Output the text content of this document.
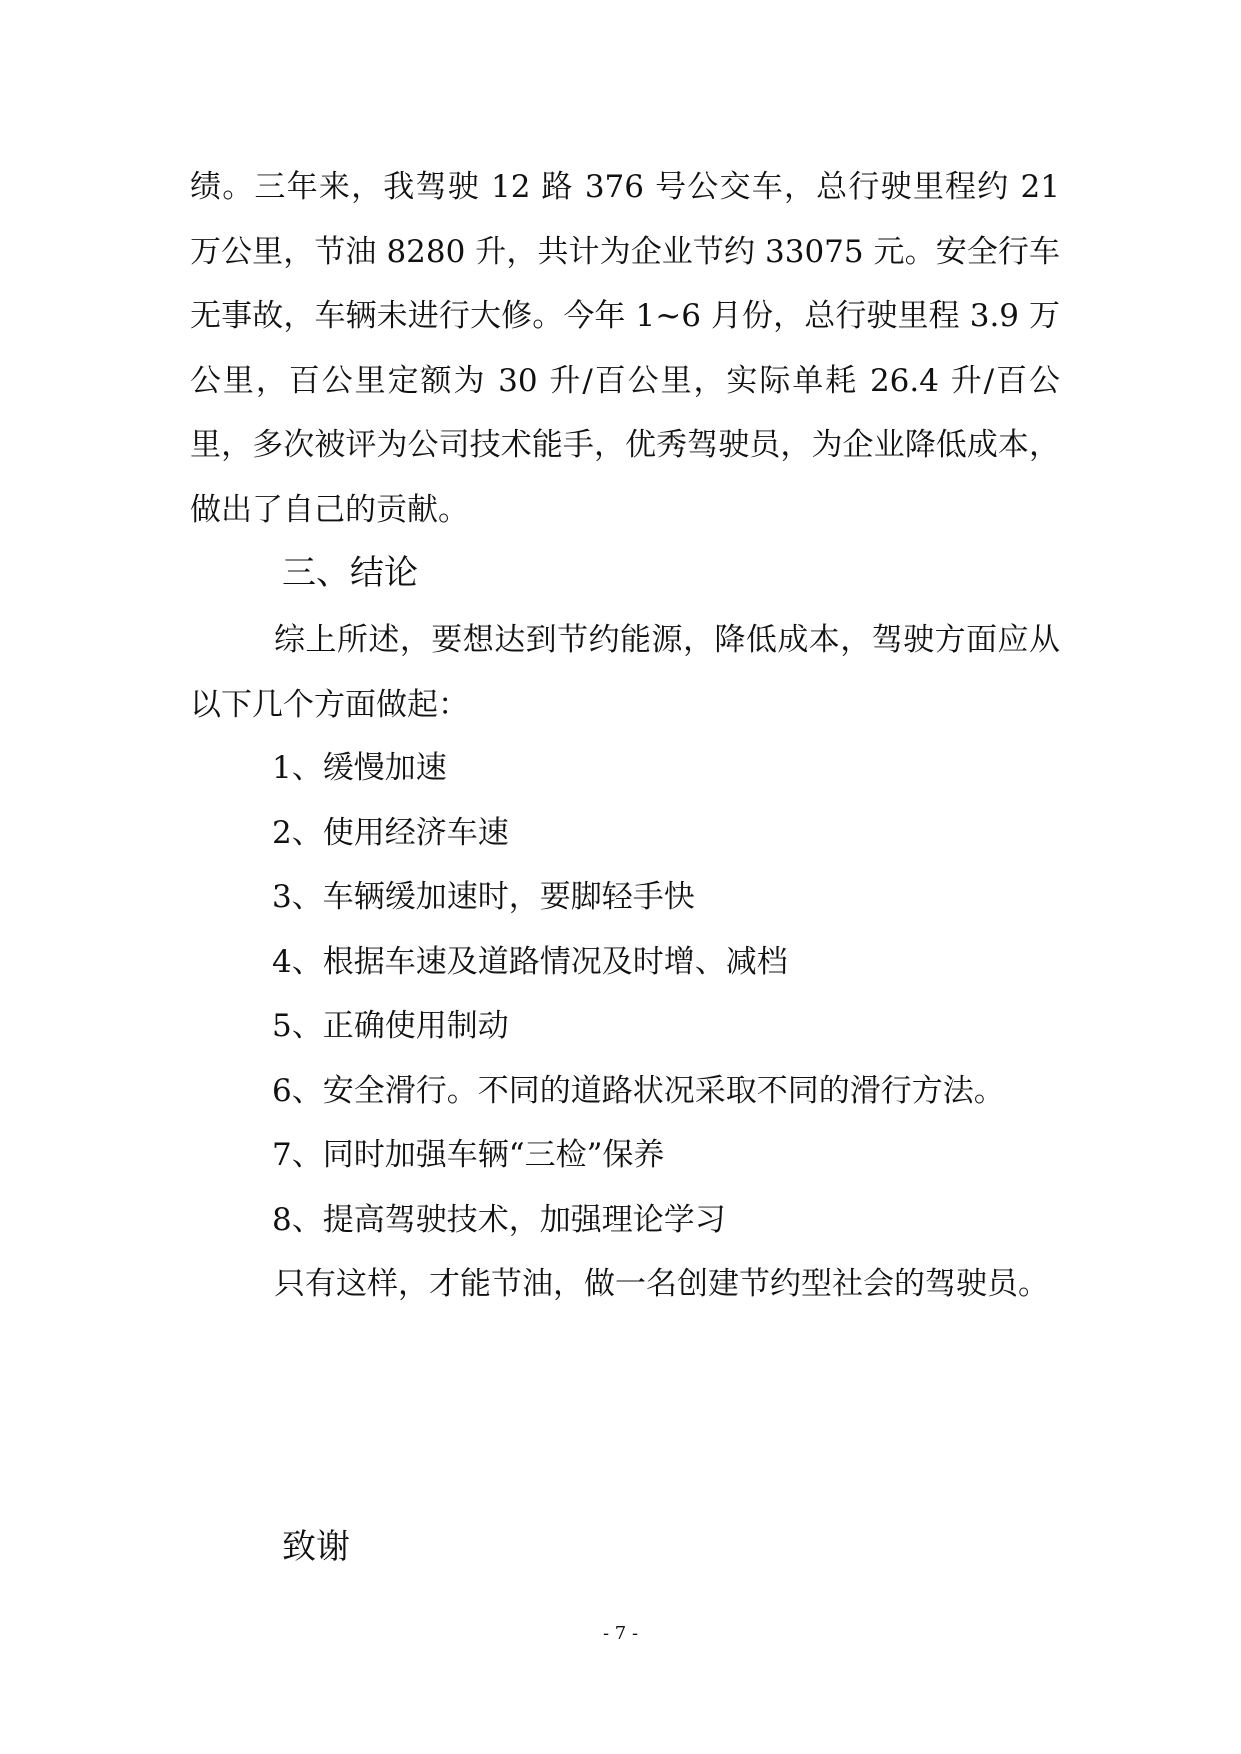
绩。三年来，我驾驶 12 路 376 号公交车，总行驶里程约 21 万公里，节油 8280 升，共计为企业节约 33075 元。安全行车无事故，车辆未进行大修。今年 1~6 月份，总行驶里程 3.9 万公里，百公里定额为 30 升/百公里，实际单耗 26.4 升/百公里，多次被评为公司技术能手，优秀驾驶员，为企业降低成本，做出了自己的贡献。
三、结论
综上所述，要想达到节约能源，降低成本，驾驶方面应从以下几个方面做起：
1、缓慢加速
2、使用经济车速
3、车辆缓加速时，要脚轻手快
4、根据车速及道路情况及时增、减档
5、正确使用制动
6、安全滑行。不同的道路状况采取不同的滑行方法。
7、同时加强车辆“三检”保养
8、提高驾驶技术，加强理论学习
只有这样，才能节油，做一名创建节约型社会的驾驶员。
致谢
- 7 -
